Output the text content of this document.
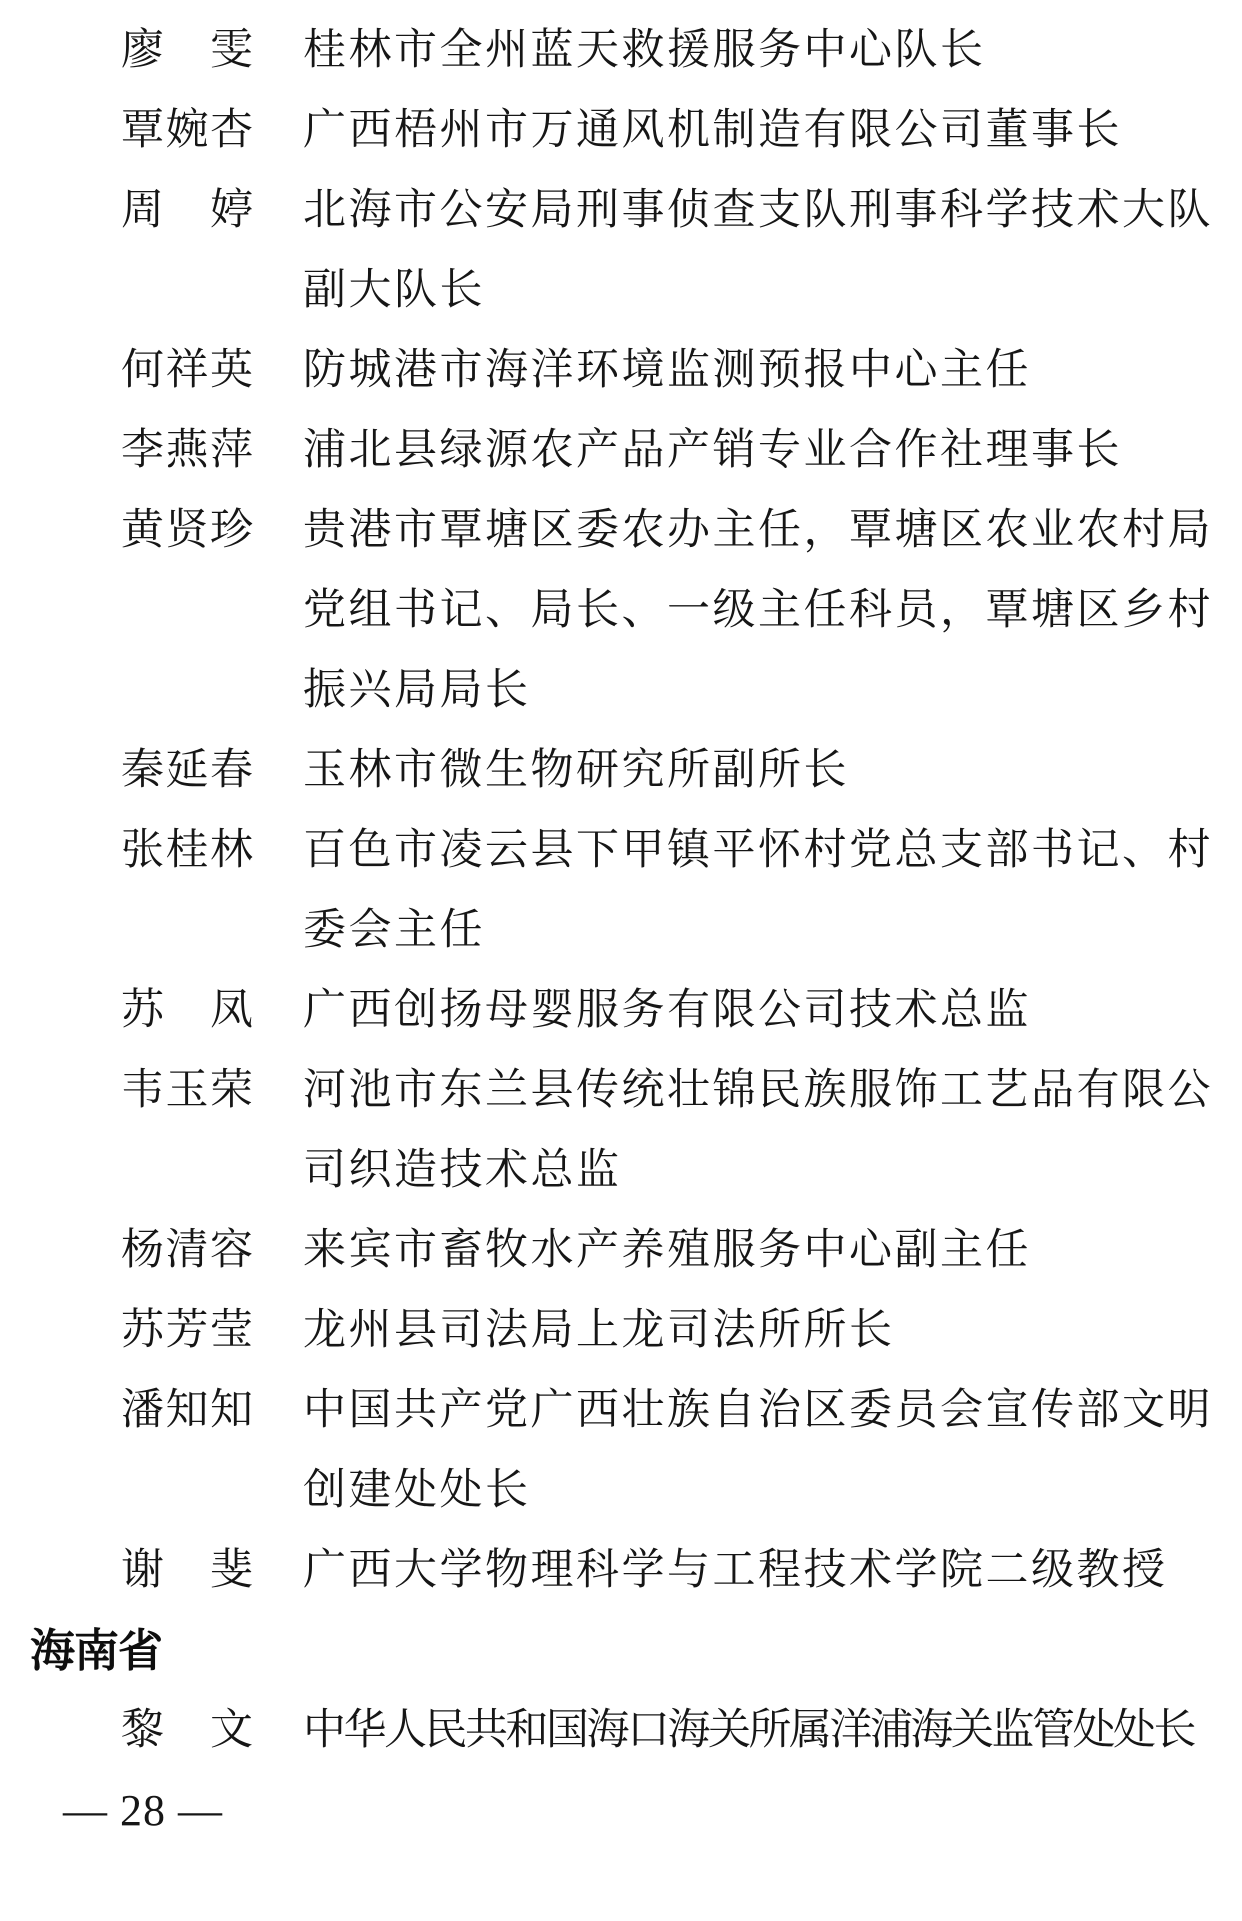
廖 雯 桂林市全州蓝天救援服务中心队长
覃 婉 杏 广西梧州市万通风机制造有限公司董事长
周 婷 北海市公安局刑事侦查支队刑事科学技术大队
副大队长
何 祥 英 防城港市海洋环境监测预报中心主任
李 燕 萍 浦北县绿源农产品产销专业合作社理事长
黄 贤 珍 贵港市覃塘区委农办主任，覃塘区农业农村局
党组书记、局长、一级主任科员，覃塘区乡村
振兴局局长
秦 延 春 玉林市微生物研究所副所长
张 桂 林 百色市凌云县下甲镇平怀村党总支部书记、村
委会主任
苏 凤 广西创扬母婴服务有限公司技术总监
韦 玉 荣 河池市东兰县传统壮锦民族服饰工艺品有限公
司织造技术总监
杨 清 容 来宾市畜牧水产养殖服务中心副主任
苏 芳 莹 龙州县司法局上龙司法所所长
潘 知 知 中国共产党广西壮族自治区委员会宣传部文明
创建处处长
谢 斐 广西大学物理科学与工程技术学院二级教授
海南省
黎 文 中华人民共和国海口海关所属洋浦海关监管处处长
— 28 —
